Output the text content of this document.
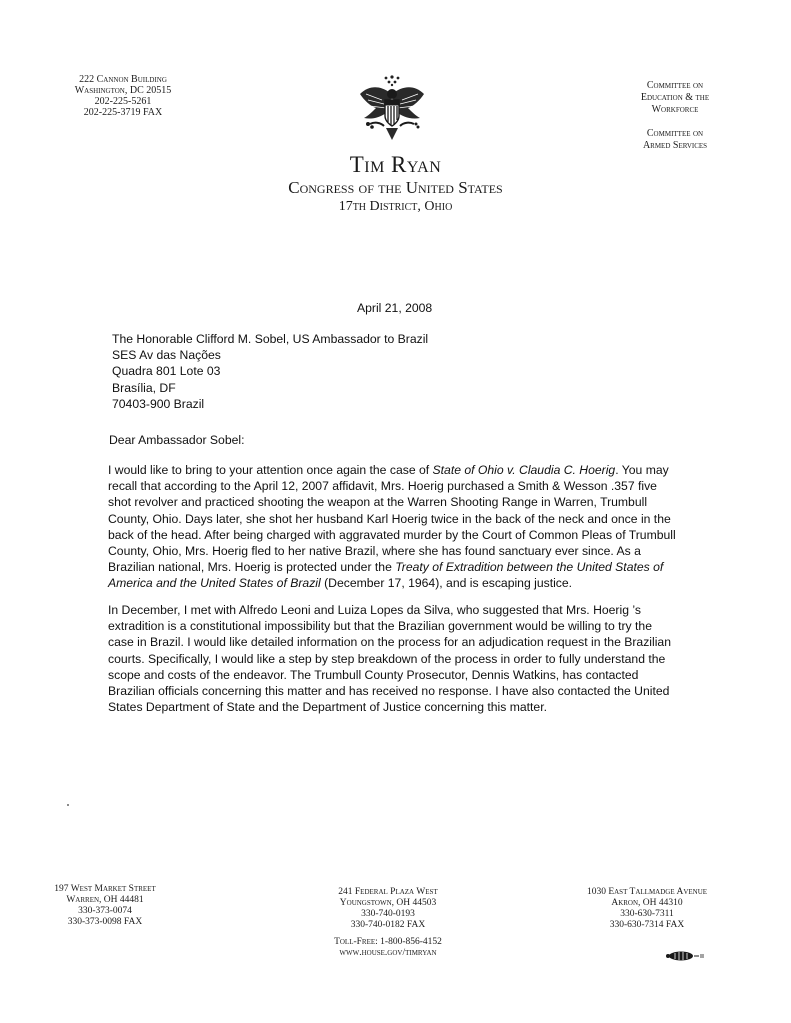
222 Cannon Building
Washington, DC 20515
202-225-5261
202-225-3719 FAX
Committee on
Education & the
Workforce
Committee on
Armed Services
Tim Ryan
Congress of the United States
17th District, Ohio
April 21, 2008
The Honorable Clifford M. Sobel, US Ambassador to Brazil
SES Av das Nações
Quadra 801 Lote 03
Brasília, DF
70403-900 Brazil
Dear Ambassador Sobel:
I would like to bring to your attention once again the case of State of Ohio v. Claudia C. Hoerig. You may recall that according to the April 12, 2007 affidavit, Mrs. Hoerig purchased a Smith & Wesson .357 five shot revolver and practiced shooting the weapon at the Warren Shooting Range in Warren, Trumbull County, Ohio. Days later, she shot her husband Karl Hoerig twice in the back of the neck and once in the back of the head. After being charged with aggravated murder by the Court of Common Pleas of Trumbull County, Ohio, Mrs. Hoerig fled to her native Brazil, where she has found sanctuary ever since. As a Brazilian national, Mrs. Hoerig is protected under the Treaty of Extradition between the United States of America and the United States of Brazil (December 17, 1964), and is escaping justice.
In December, I met with Alfredo Leoni and Luiza Lopes da Silva, who suggested that Mrs. Hoerig ’s extradition is a constitutional impossibility but that the Brazilian government would be willing to try the case in Brazil. I would like detailed information on the process for an adjudication request in the Brazilian courts. Specifically, I would like a step by step breakdown of the process in order to fully understand the scope and costs of the endeavor. The Trumbull County Prosecutor, Dennis Watkins, has contacted Brazilian officials concerning this matter and has received no response. I have also contacted the United States Department of State and the Department of Justice concerning this matter.
197 West Market Street
Warren, OH 44481
330-373-0074
330-373-0098 FAX
241 Federal Plaza West
Youngstown, OH 44503
330-740-0193
330-740-0182 FAX
Toll-Free: 1-800-856-4152
www.house.gov/timryan
1030 East Tallmadge Avenue
Akron, OH 44310
330-630-7311
330-630-7314 FAX
